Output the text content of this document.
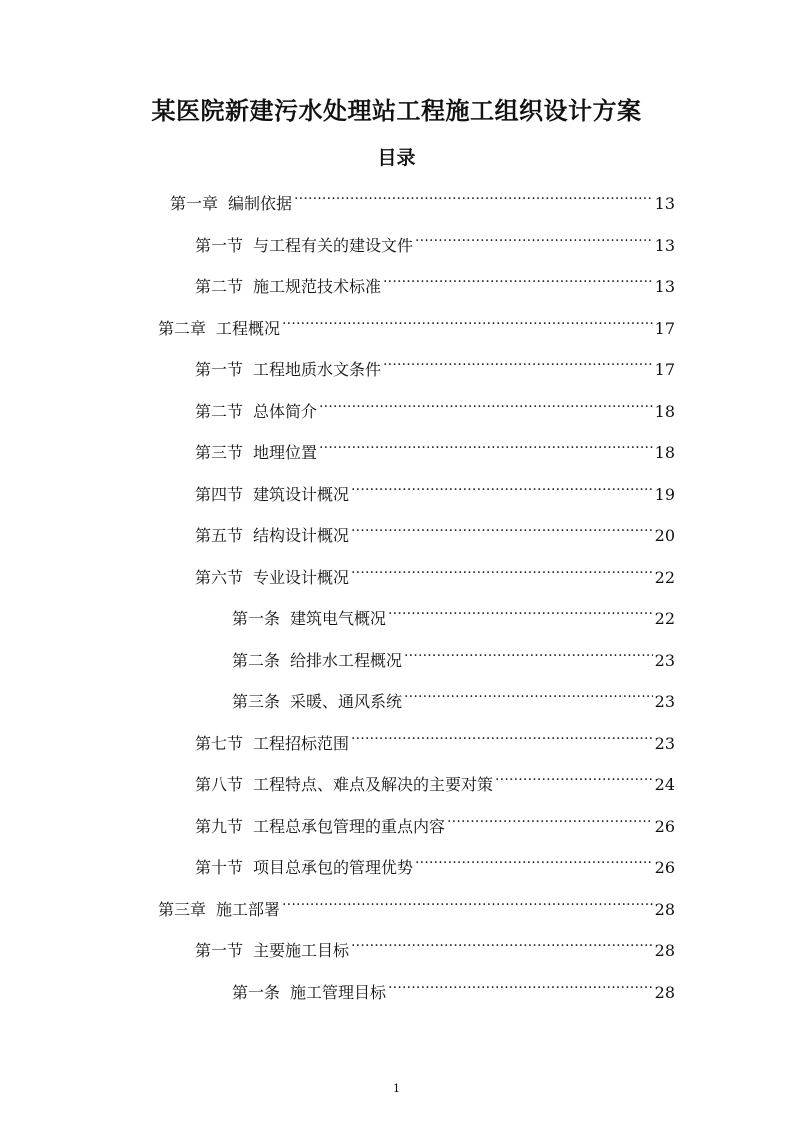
某医院新建污水处理站工程施工组织设计方案
目录
第一章 编制依据 .....	13
第一节 与工程有关的建设文件 .....	13
第二节 施工规范技术标准 .....	13
第二章 工程概况 .....	17
第一节 工程地质水文条件 .....	17
第二节 总体简介 .....	18
第三节 地理位置 .....	18
第四节 建筑设计概况 .....	19
第五节 结构设计概况 .....	20
第六节 专业设计概况 .....	22
第一条 建筑电气概况 .....	22
第二条 给排水工程概况 .....	23
第三条 采暖、通风系统 .....	23
第七节 工程招标范围 .....	23
第八节 工程特点、难点及解决的主要对策 .....	24
第九节 工程总承包管理的重点内容 .....	26
第十节 项目总承包的管理优势 .....	26
第三章 施工部署 .....	28
第一节 主要施工目标 .....	28
第一条 施工管理目标 .....	28
1
